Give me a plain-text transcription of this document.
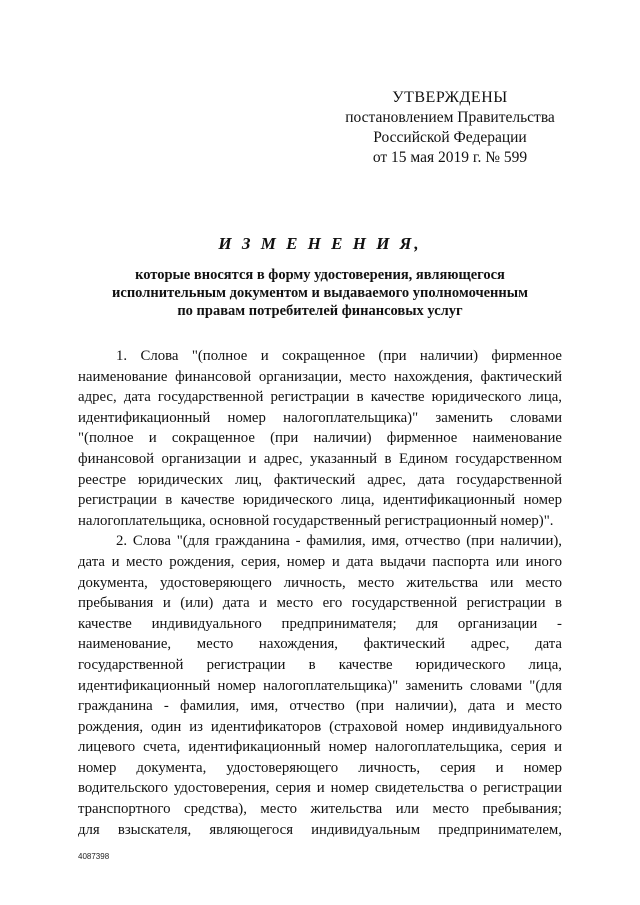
УТВЕРЖДЕНЫ
постановлением Правительства
Российской Федерации
от 15 мая 2019 г. № 599

И З М Е Н Е Н И Я,

которые вносятся в форму удостоверения, являющегося
исполнительным документом и выдаваемого уполномоченным
по правам потребителей финансовых услуг

1. Слова "(полное и сокращенное (при наличии) фирменное
наименование финансовой организации, место нахождения, фактический
адрес, дата государственной регистрации в качестве юридического лица,
идентификационный номер налогоплательщика)" заменить словами
"(полное и сокращенное (при наличии) фирменное наименование
финансовой организации и адрес, указанный в Едином государственном
реестре юридических лиц, фактический адрес, дата государственной
регистрации в качестве юридического лица, идентификационный номер
налогоплательщика, основной государственный регистрационный номер)".
2. Слова "(для гражданина - фамилия, имя, отчество (при наличии),
дата и место рождения, серия, номер и дата выдачи паспорта или иного
документа, удостоверяющего личность, место жительства или место
пребывания и (или) дата и место его государственной регистрации в
качестве индивидуального предпринимателя; для организации -
наименование, место нахождения, фактический адрес, дата
государственной регистрации в качестве юридического лица,
идентификационный номер налогоплательщика)" заменить словами "(для
гражданина - фамилия, имя, отчество (при наличии), дата и место
рождения, один из идентификаторов (страховой номер индивидуального
лицевого счета, идентификационный номер налогоплательщика, серия и
номер документа, удостоверяющего личность, серия и номер
водительского удостоверения, серия и номер свидетельства о регистрации
транспортного средства), место жительства или место пребывания;
для взыскателя, являющегося индивидуальным предпринимателем,
4087398
